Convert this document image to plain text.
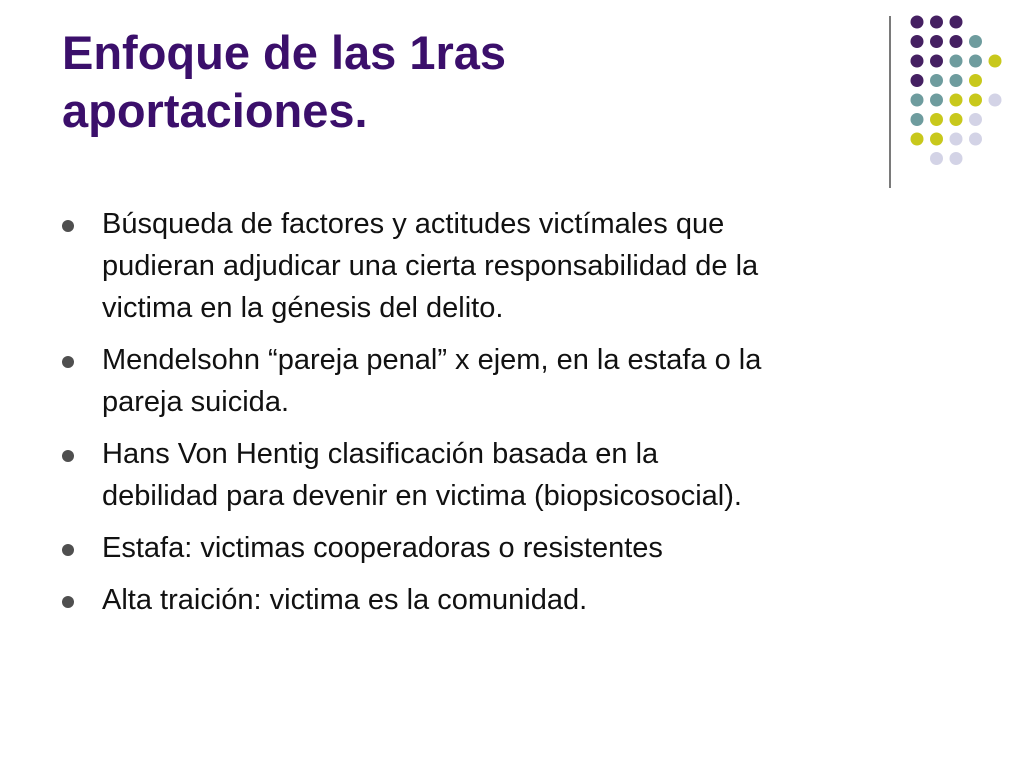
Enfoque de las 1ras
aportaciones.
Búsqueda de factores y actitudes victímales que
pudieran adjudicar una cierta responsabilidad de la
victima en la génesis del delito.
Mendelsohn “pareja penal” x ejem, en la estafa o la
pareja suicida.
Hans Von Hentig clasificación basada en la
debilidad para devenir en victima (biopsicosocial).
Estafa: victimas cooperadoras o resistentes
Alta traición: victima es la comunidad.
